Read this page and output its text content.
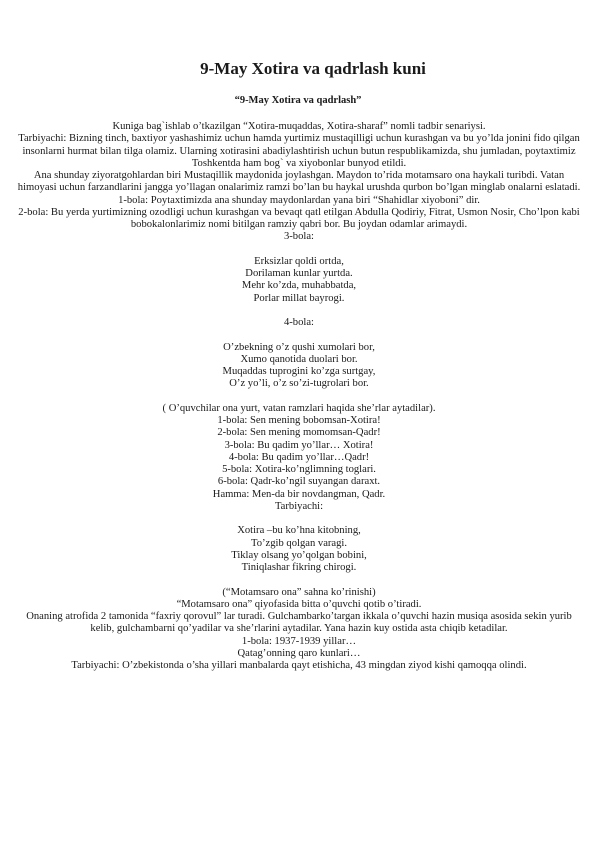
9-May Xotira va qadrlash kuni
“9-May Xotira va qadrlash”

Kuniga bag`ishlab o’tkazilgan “Xotira-muqaddas, Xotira-sharaf” nomli tadbir senariysi.

Tarbiyachi: Bizning tinch, baxtiyor yashashimiz uchun hamda yurtimiz mustaqilligi uchun kurashgan va bu yo’lda jonini fido qilgan insonlarni hurmat bilan tilga olamiz. Ularning xotirasini abadiylashtirish uchun butun respublikamizda, shu jumladan, poytaxtimiz Toshkentda ham bog` va xiyobonlar bunyod etildi.

Ana shunday ziyoratgohlardan biri Mustaqillik maydonida joylashgan. Maydon to’rida motamsaro ona haykali turibdi. Vatan himoyasi uchun farzandlarini jangga yo’llagan onalarimiz ramzi bo’lan bu haykal urushda qurbon bo’lgan minglab onalarni eslatadi.

1-bola: Poytaxtimizda ana shunday maydonlardan yana biri “Shahidlar xiyoboni” dir.

2-bola: Bu yerda yurtimizning ozodligi uchun kurashgan va bevaqt qatl etilgan Abdulla Qodiriy, Fitrat, Usmon Nosir, Cho’lpon kabi bobokalonlarimiz nomi bitilgan ramziy qabri bor. Bu joydan odamlar arimaydi.

3-bola:

Erksizlar qoldi ortda,

Dorilaman kunlar yurtda.

Mehr ko’zda, muhabbatda,

Porlar millat bayrogi.

4-bola:

O’zbekning o’z qushi xumolari bor,

Xumo qanotida duolari bor.

Muqaddas tuprogini ko’zga surtgay,

O’z yo’li, o’z so’zi-tugrolari bor.

( O’quvchilar ona yurt, vatan ramzlari haqida she’rlar aytadilar).

1-bola: Sen mening bobomsan-Xotira!

2-bola: Sen mening momomsan-Qadr!

3-bola: Bu qadim yo’llar… Xotira!

4-bola: Bu qadim yo’llar…Qadr!

5-bola: Xotira-ko’nglimning toglari.

6-bola: Qadr-ko’ngil suyangan daraxt.

Hamma: Men-da bir novdangman, Qadr.

Tarbiyachi:

Xotira –bu ko’hna kitobning,

To’zgib qolgan varagi.

Tiklay olsang yo’qolgan bobini,

Tiniqlashar fikring chirogi.

(“Motamsaro ona” sahna ko’rinishi)

“Motamsaro ona” qiyofasida bitta o’quvchi qotib o’tiradi.

Onaning atrofida 2 tamonida “faxriy qorovul” lar turadi. Gulchambarko’targan ikkala o’quvchi hazin musiqa asosida sekin yurib kelib, gulchambarni qo’yadilar va she’rlarini aytadilar. Yana hazin kuy ostida asta chiqib ketadilar.

1-bola: 1937-1939 yillar…

Qatag’onning qaro kunlari…

Tarbiyachi: O’zbekistonda o’sha yillari manbalarda qayt etishicha, 43 mingdan ziyod kishi qamoqqa olindi.
